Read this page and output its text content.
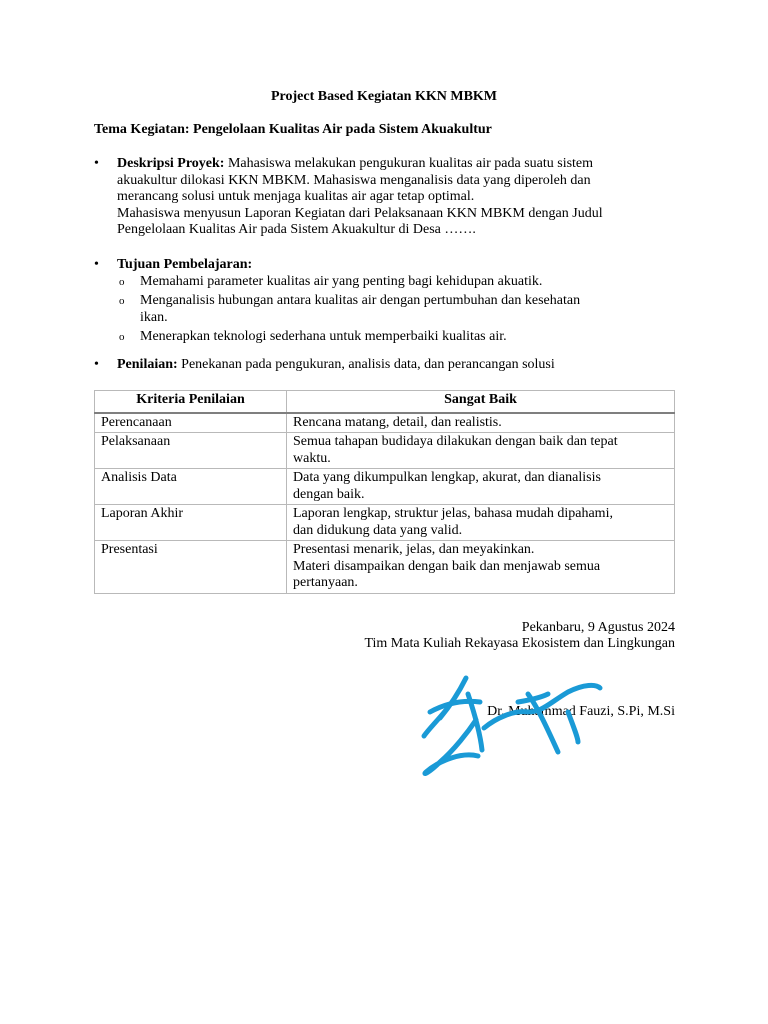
Project Based Kegiatan KKN MBKM
Tema Kegiatan: Pengelolaan Kualitas Air pada Sistem Akuakultur
• Deskripsi Proyek: Mahasiswa melakukan pengukuran kualitas air pada suatu sistem
akuakultur dilokasi KKN MBKM. Mahasiswa menganalisis data yang diperoleh dan
merancang solusi untuk menjaga kualitas air agar tetap optimal.
Mahasiswa menyusun Laporan Kegiatan dari Pelaksanaan KKN MBKM dengan Judul
Pengelolaan Kualitas Air pada Sistem Akuakultur di Desa …….
• Tujuan Pembelajaran:
o Memahami parameter kualitas air yang penting bagi kehidupan akuatik.
o Menganalisis hubungan antara kualitas air dengan pertumbuhan dan kesehatan
ikan.
o Menerapkan teknologi sederhana untuk memperbaiki kualitas air.
• Penilaian: Penekanan pada pengukuran, analisis data, dan perancangan solusi
Kriteria Penilaian	Sangat Baik
Perencanaan	Rencana matang, detail, dan realistis.

Pelaksanaan	Semua tahapan budidaya dilakukan dengan baik dan tepat
waktu.

Analisis Data	Data yang dikumpulkan lengkap, akurat, dan dianalisis
dengan baik.

Laporan Akhir	Laporan lengkap, struktur jelas, bahasa mudah dipahami,
dan didukung data yang valid.

Presentasi	Presentasi menarik, jelas, dan meyakinkan.
Materi disampaikan dengan baik dan menjawab semua
pertanyaan.
Pekanbaru, 9 Agustus 2024
Tim Mata Kuliah Rekayasa Ekosistem dan Lingkungan
Dr. Muhammad Fauzi, S.Pi, M.Si
